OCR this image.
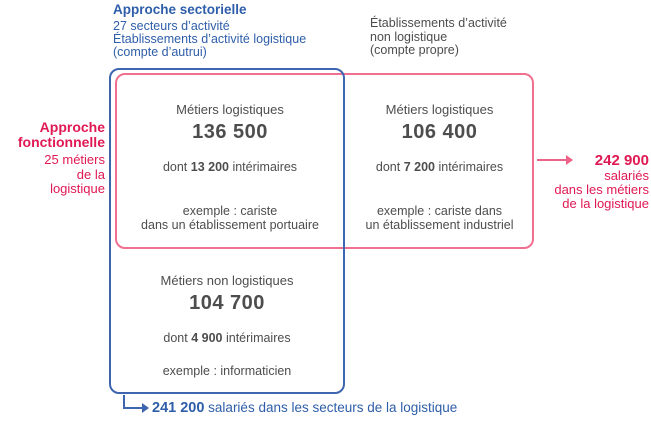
Approche sectorielle
27 secteurs d’activité
Établissements d’activité logistique
(compte d’autrui)
Établissements d’activité
non logistique
(compte propre)
Approche
fonctionnelle
25 métiers
de la
logistique
Métiers logistiques
136 500
dont 13 200 intérimaires
exemple : cariste
dans un établissement portuaire
Métiers logistiques
106 400
dont 7 200 intérimaires
exemple : cariste dans
un établissement industriel
Métiers non logistiques
104 700
dont 4 900 intérimaires
exemple : informaticien
242 900
salariés
dans les métiers
de la logistique
241 200 salariés dans les secteurs de la logistique
